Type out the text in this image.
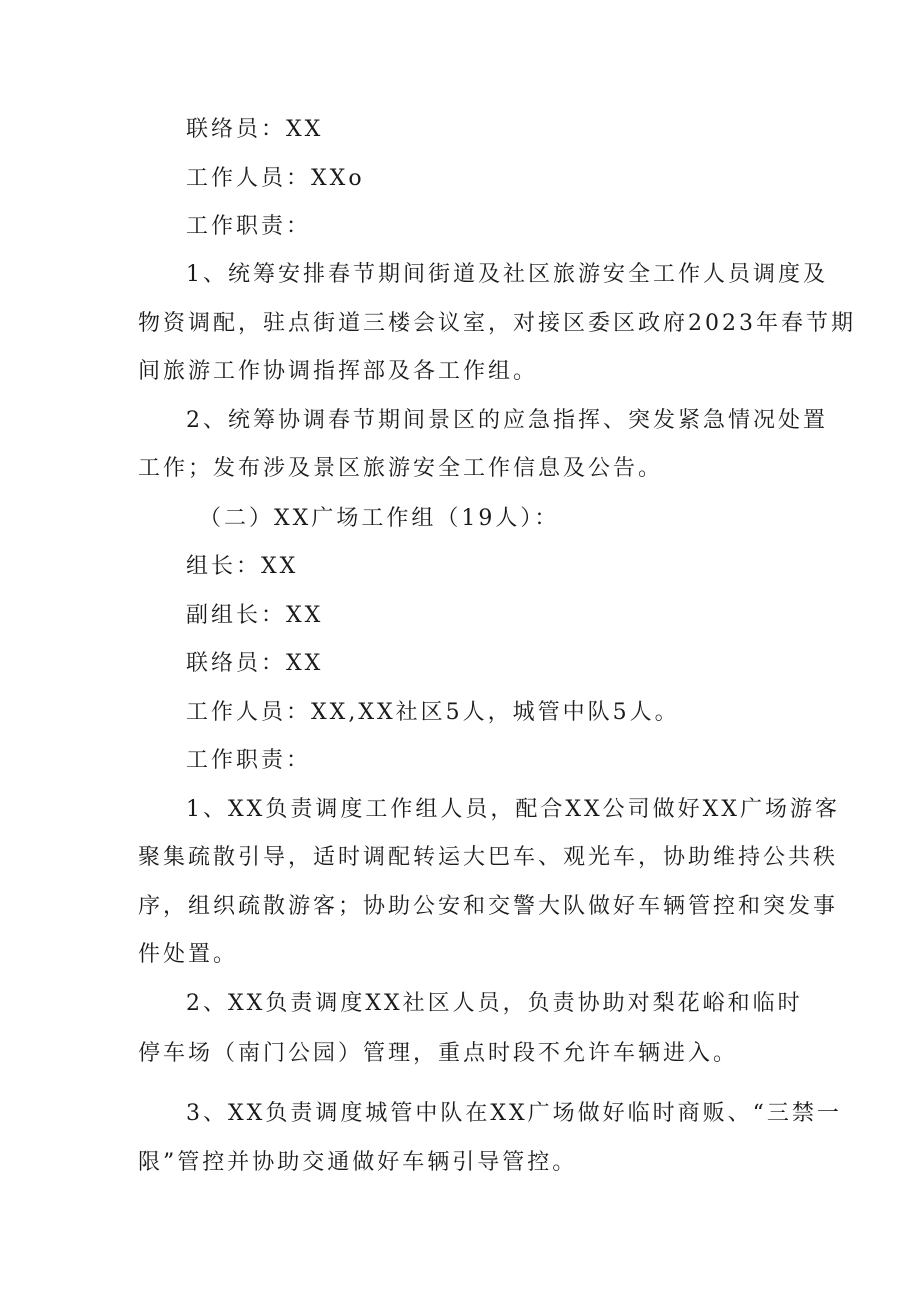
联络员：XX
工作人员：XXo
工作职责：
1、统筹安排春节期间街道及社区旅游安全工作人员调度及
物资调配，驻点街道三楼会议室，对接区委区政府2023年春节期
间旅游工作协调指挥部及各工作组。
2、统筹协调春节期间景区的应急指挥、突发紧急情况处置
工作；发布涉及景区旅游安全工作信息及公告。
（二）XX广场工作组（19人）：
组长：XX
副组长：XX
联络员：XX
工作人员：XX,XX社区5人，城管中队5人。
工作职责：
1、XX负责调度工作组人员，配合XX公司做好XX广场游客
聚集疏散引导，适时调配转运大巴车、观光车，协助维持公共秩
序，组织疏散游客；协助公安和交警大队做好车辆管控和突发事
件处置。
2、XX负责调度XX社区人员，负责协助对梨花峪和临时
停车场（南门公园）管理，重点时段不允许车辆进入。
3、XX负责调度城管中队在XX广场做好临时商贩、“三禁一
限”管控并协助交通做好车辆引导管控。
